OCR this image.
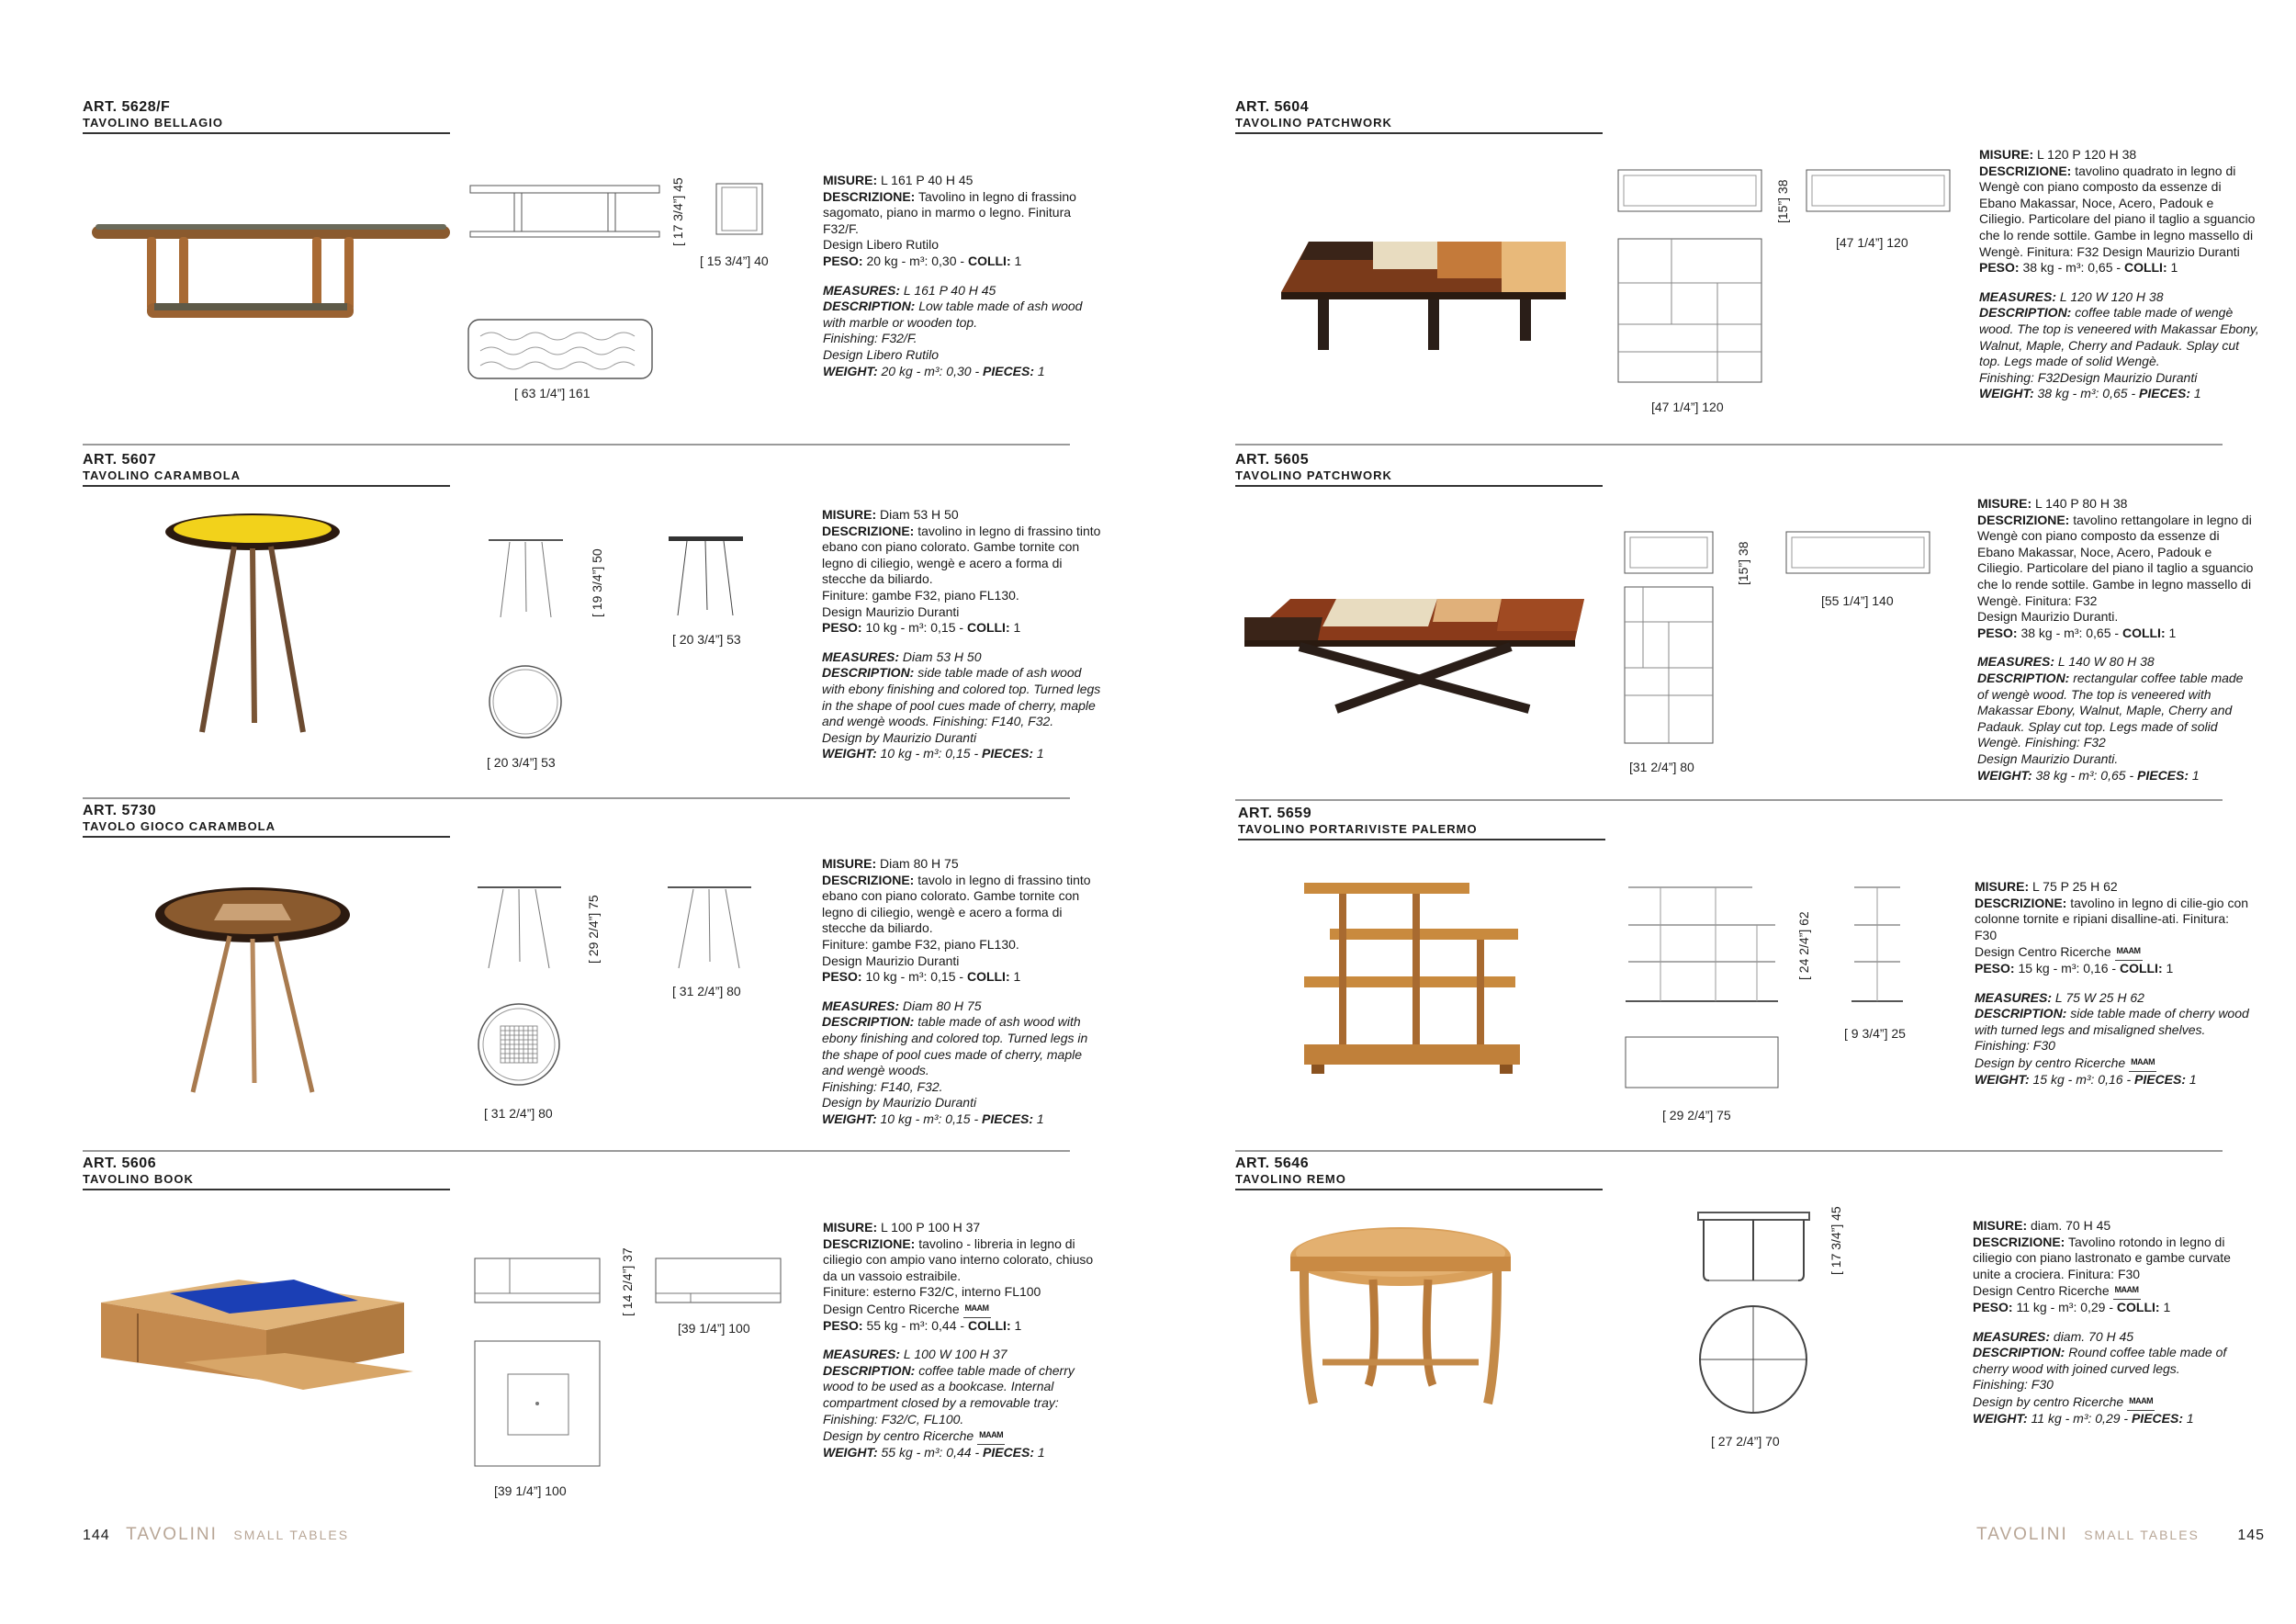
ART. 5628/F
TAVOLINO BELLAGIO
[ 17 3/4”] 45
[ 15 3/4”] 40
[ 63 1/4”] 161

MISURE: L 161 P 40 H 45
DESCRIZIONE: Tavolino in legno di frassino sagomato, piano in marmo o legno. Finitura F32/F.
Design Libero Rutilo
PESO: 20 kg - m³: 0,30 - COLLI: 1

MEASURES: L 161 P 40 H 45
DESCRIPTION: Low table made of ash wood with marble or wooden top.
Finishing: F32/F.
Design Libero Rutilo
WEIGHT: 20 kg - m³: 0,30 - PIECES: 1

ART. 5607
TAVOLINO CARAMBOLA
[ 19 3/4”] 50
[ 20 3/4”] 53
[ 20 3/4”] 53

MISURE: Diam 53 H 50
DESCRIZIONE: tavolino in legno di frassino tinto ebano con piano colorato. Gambe tornite con legno di ciliegio, wengè e acero a forma di stecche da biliardo.
Finiture: gambe F32, piano FL130.
Design Maurizio Duranti
PESO: 10 kg - m³: 0,15 - COLLI: 1

MEASURES: Diam 53 H 50
DESCRIPTION: side table made of ash wood with ebony finishing and colored top. Turned legs in the shape of pool cues made of cherry, maple and wengè woods. Finishing: F140, F32.
Design by Maurizio Duranti
WEIGHT: 10 kg - m³: 0,15 - PIECES: 1

ART. 5730
TAVOLO GIOCO CARAMBOLA
[ 29 2/4”] 75
[ 31 2/4”] 80
[ 31 2/4”] 80

MISURE: Diam 80 H 75
DESCRIZIONE: tavolo in legno di frassino tinto ebano con piano colorato. Gambe tornite con legno di ciliegio, wengè e acero a forma di stecche da biliardo.
Finiture: gambe F32, piano FL130.
Design Maurizio Duranti
PESO: 10 kg - m³: 0,15 - COLLI: 1

MEASURES: Diam 80 H 75
DESCRIPTION: table made of ash wood with ebony finishing and colored top. Turned legs in the shape of pool cues made of cherry, maple and wengè woods.
Finishing: F140, F32.
Design by Maurizio Duranti
WEIGHT: 10 kg - m³: 0,15 - PIECES: 1

ART. 5606
TAVOLINO BOOK
[ 14 2/4”] 37
[39 1/4”] 100
[39 1/4”] 100

MISURE: L 100 P 100 H 37
DESCRIZIONE: tavolino - libreria in legno di ciliegio con ampio vano interno colorato, chiuso da un vassoio estraibile.
Finiture: esterno F32/C, interno FL100
Design Centro Ricerche MAAM
PESO: 55 kg - m³: 0,44 - COLLI: 1

MEASURES: L 100 W 100 H 37
DESCRIPTION: coffee table made of cherry wood to be used as a bookcase. Internal compartment closed by a removable tray: Finishing: F32/C, FL100.
Design by centro Ricerche MAAM
WEIGHT: 55 kg - m³: 0,44 - PIECES: 1

ART. 5604
TAVOLINO PATCHWORK
[15”] 38
[47 1/4”] 120
[47 1/4”] 120

MISURE: L 120 P 120 H 38
DESCRIZIONE: tavolino quadrato in legno di Wengè con piano composto da essenze di Ebano Makassar, Noce, Acero, Padouk e Ciliegio. Particolare del piano il taglio a sguancio che lo rende sottile. Gambe in legno massello di Wengè. Finitura: F32 Design Maurizio Duranti
PESO: 38 kg - m³: 0,65 - COLLI: 1

MEASURES: L 120 W 120 H 38
DESCRIPTION: coffee table made of wengè wood. The top is veneered with Makassar Ebony, Walnut, Maple, Cherry and Padauk. Splay cut top. Legs made of solid Wengè.
Finishing: F32Design Maurizio Duranti
WEIGHT: 38 kg - m³: 0,65 - PIECES: 1

ART. 5605
TAVOLINO PATCHWORK
[15”] 38
[55 1/4”] 140
[31 2/4”] 80

MISURE: L 140 P 80 H 38
DESCRIZIONE: tavolino rettangolare in legno di Wengè con piano composto da essenze di Ebano Makassar, Noce, Acero, Padouk e Ciliegio. Particolare del piano il taglio a sguancio che lo rende sottile. Gambe in legno massello di Wengè. Finitura: F32
Design Maurizio Duranti.
PESO: 38 kg - m³: 0,65 - COLLI: 1

MEASURES: L 140 W 80 H 38
DESCRIPTION: rectangular coffee table made of wengè wood. The top is veneered with Makassar Ebony, Walnut, Maple, Cherry and Padauk. Splay cut top. Legs made of solid Wengè. Finishing: F32
Design Maurizio Duranti.
WEIGHT: 38 kg - m³: 0,65 - PIECES: 1

ART. 5659
TAVOLINO PORTARIVISTE PALERMO
[ 24 2/4”] 62
[ 9 3/4”] 25
[ 29 2/4”] 75

MISURE: L 75 P 25 H 62
DESCRIZIONE: tavolino in legno di cilie-gio con colonne tornite e ripiani disalline-ati. Finitura: F30
Design Centro Ricerche MAAM
PESO: 15 kg - m³: 0,16 - COLLI: 1

MEASURES: L 75 W 25 H 62
DESCRIPTION: side table made of cherry wood with turned legs and misaligned shelves. Finishing: F30
Design by centro Ricerche MAAM
WEIGHT: 15 kg - m³: 0,16 - PIECES: 1

ART. 5646
TAVOLINO REMO
[ 17 3/4”] 45
[ 27 2/4”] 70

MISURE: diam. 70 H 45
DESCRIZIONE: Tavolino rotondo in legno di ciliegio con piano lastronato e gambe curvate unite a crociera. Finitura: F30
Design Centro Ricerche MAAM
PESO: 11 kg - m³: 0,29 - COLLI: 1

MEASURES: diam. 70 H 45
DESCRIPTION: Round coffee table made of cherry wood with joined curved legs.
Finishing: F30
Design by centro Ricerche MAAM
WEIGHT: 11 kg - m³: 0,29 - PIECES: 1

144 TAVOLINI SMALL TABLES	TAVOLINI SMALL TABLES	145
